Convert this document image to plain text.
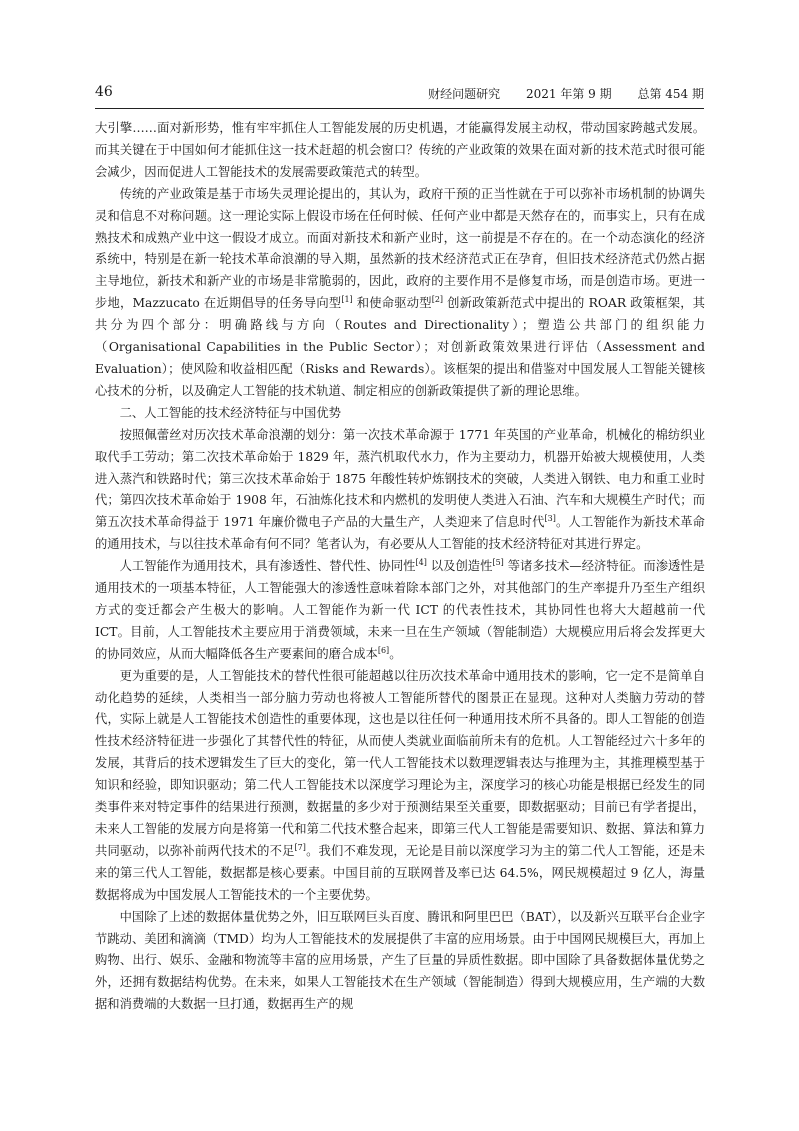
46	财经问题研究 2021 年第 9 期 总第 454 期

大引擎……面对新形势，惟有牢牢抓住人工智能发展的历史机遇，才能赢得发展主动权，带动国家跨越式发展。而其关键在于中国如何才能抓住这一技术赶超的机会窗口？传统的产业政策的效果在面对新的技术范式时很可能会减少，因而促进人工智能技术的发展需要政策范式的转型。

传统的产业政策是基于市场失灵理论提出的，其认为，政府干预的正当性就在于可以弥补市场机制的协调失灵和信息不对称问题。这一理论实际上假设市场在任何时候、任何产业中都是天然存在的，而事实上，只有在成熟技术和成熟产业中这一假设才成立。而面对新技术和新产业时，这一前提是不存在的。在一个动态演化的经济系统中，特别是在新一轮技术革命浪潮的导入期，虽然新的技术经济范式正在孕育，但旧技术经济范式仍然占据主导地位，新技术和新产业的市场是非常脆弱的，因此，政府的主要作用不是修复市场，而是创造市场。更进一步地，Mazzucato 在近期倡导的任务导向型[1] 和使命驱动型[2] 创新政策新范式中提出的 ROAR 政策框架，其共分为四个部分：明确路线与方向（Routes and Directionality）；塑造公共部门的组织能力（Organisational Capabilities in the Public Sector）；对创新政策效果进行评估（Assessment and Evaluation）；使风险和收益相匹配（Risks and Rewards）。该框架的提出和借鉴对中国发展人工智能关键核心技术的分析，以及确定人工智能的技术轨道、制定相应的创新政策提供了新的理论思维。

二、人工智能的技术经济特征与中国优势

按照佩蕾丝对历次技术革命浪潮的划分：第一次技术革命源于 1771 年英国的产业革命，机械化的棉纺织业取代手工劳动；第二次技术革命始于 1829 年，蒸汽机取代水力，作为主要动力，机器开始被大规模使用，人类进入蒸汽和铁路时代；第三次技术革命始于 1875 年酸性转炉炼钢技术的突破，人类进入钢铁、电力和重工业时代；第四次技术革命始于 1908 年，石油炼化技术和内燃机的发明使人类进入石油、汽车和大规模生产时代；而第五次技术革命得益于 1971 年廉价微电子产品的大量生产，人类迎来了信息时代[3]。人工智能作为新技术革命的通用技术，与以往技术革命有何不同？笔者认为，有必要从人工智能的技术经济特征对其进行界定。

人工智能作为通用技术，具有渗透性、替代性、协同性[4] 以及创造性[5] 等诸多技术—经济特征。而渗透性是通用技术的一项基本特征，人工智能强大的渗透性意味着除本部门之外，对其他部门的生产率提升乃至生产组织方式的变迁都会产生极大的影响。人工智能作为新一代 ICT 的代表性技术，其协同性也将大大超越前一代 ICT。目前，人工智能技术主要应用于消费领域，未来一旦在生产领域（智能制造）大规模应用后将会发挥更大的协同效应，从而大幅降低各生产要素间的磨合成本[6]。

更为重要的是，人工智能技术的替代性很可能超越以往历次技术革命中通用技术的影响，它一定不是简单自动化趋势的延续，人类相当一部分脑力劳动也将被人工智能所替代的图景正在显现。这种对人类脑力劳动的替代，实际上就是人工智能技术创造性的重要体现，这也是以往任何一种通用技术所不具备的。即人工智能的创造性技术经济特征进一步强化了其替代性的特征，从而使人类就业面临前所未有的危机。人工智能经过六十多年的发展，其背后的技术逻辑发生了巨大的变化，第一代人工智能技术以数理逻辑表达与推理为主，其推理模型基于知识和经验，即知识驱动；第二代人工智能技术以深度学习理论为主，深度学习的核心功能是根据已经发生的同类事件来对特定事件的结果进行预测，数据量的多少对于预测结果至关重要，即数据驱动；目前已有学者提出，未来人工智能的发展方向是将第一代和第二代技术整合起来，即第三代人工智能是需要知识、数据、算法和算力共同驱动，以弥补前两代技术的不足[7]。我们不难发现，无论是目前以深度学习为主的第二代人工智能，还是未来的第三代人工智能，数据都是核心要素。中国目前的互联网普及率已达 64.5%，网民规模超过 9 亿人，海量数据将成为中国发展人工智能技术的一个主要优势。

中国除了上述的数据体量优势之外，旧互联网巨头百度、腾讯和阿里巴巴（BAT），以及新兴互联平台企业字节跳动、美团和滴滴（TMD）均为人工智能技术的发展提供了丰富的应用场景。由于中国网民规模巨大，再加上购物、出行、娱乐、金融和物流等丰富的应用场景，产生了巨量的异质性数据。即中国除了具备数据体量优势之外，还拥有数据结构优势。在未来，如果人工智能技术在生产领域（智能制造）得到大规模应用，生产端的大数据和消费端的大数据一旦打通，数据再生产的规
